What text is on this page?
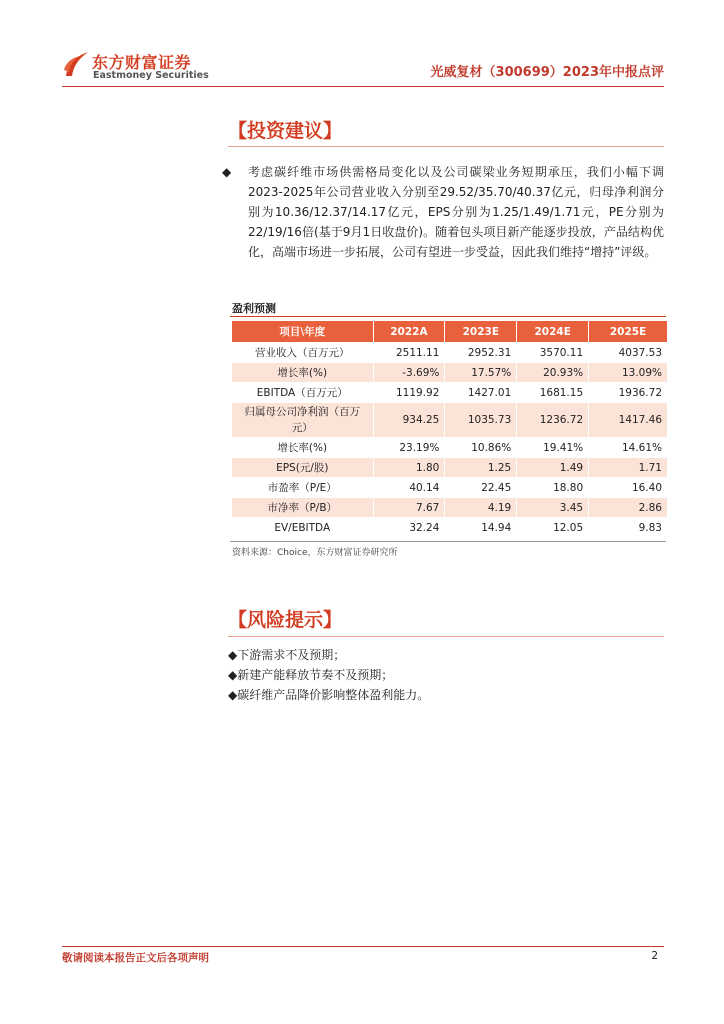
东方财富证券
Eastmoney Securities	光威复材（300699）2023年中报点评
【投资建议】
◆ 考虑碳纤维市场供需格局变化以及公司碳梁业务短期承压，我们小幅下调2023-2025年公司营业收入分别至29.52/35.70/40.37亿元，归母净利润分别为10.36/12.37/14.17亿元，EPS分别为1.25/1.49/1.71元，PE分别为22/19/16倍(基于9月1日收盘价)。随着包头项目新产能逐步投放，产品结构优化，高端市场进一步拓展，公司有望进一步受益，因此我们维持“增持”评级。
盈利预测
项目\年度	2022A	2023E	2024E	2025E
营业收入（百万元）	2511.11	2952.31	3570.11	4037.53
增长率(%)	-3.69%	17.57%	20.93%	13.09%
EBITDA（百万元）	1119.92	1427.01	1681.15	1936.72
归属母公司净利润（百万元）	934.25	1035.73	1236.72	1417.46
增长率(%)	23.19%	10.86%	19.41%	14.61%
EPS(元/股)	1.80	1.25	1.49	1.71
市盈率（P/E）	40.14	22.45	18.80	16.40
市净率（P/B）	7.67	4.19	3.45	2.86
EV/EBITDA	32.24	14.94	12.05	9.83
资料来源：Choice，东方财富证券研究所
【风险提示】
◆下游需求不及预期；
◆新建产能释放节奏不及预期；
◆碳纤维产品降价影响整体盈利能力。
敬请阅读本报告正文后各项声明	2
